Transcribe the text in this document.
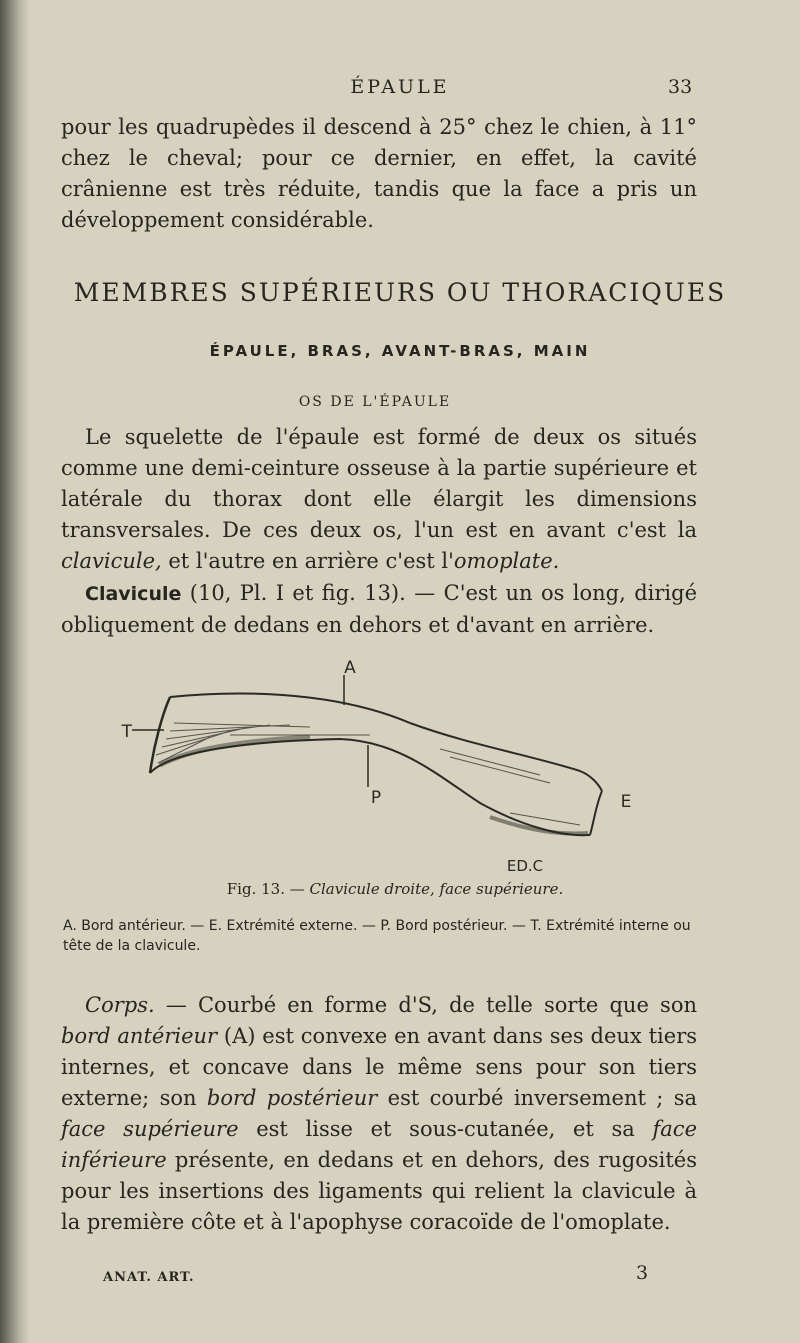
ÉPAULE	33

pour les quadrupèdes il descend à 25° chez le chien, à 11° chez le cheval; pour ce dernier, en effet, la cavité crânienne est très réduite, tandis que la face a pris un développement considérable.

MEMBRES SUPÉRIEURS OU THORACIQUES
ÉPAULE, BRAS, AVANT-BRAS, MAIN
OS DE L'ÉPAULE

Le squelette de l'épaule est formé de deux os situés comme une demi-ceinture osseuse à la partie supérieure et latérale du thorax dont elle élargit les dimensions transversales. De ces deux os, l'un est en avant c'est la clavicule, et l'autre en arrière c'est l'omoplate.

Clavicule (10, Pl. I et fig. 13). — C'est un os long, dirigé obliquement de dedans en dehors et d'avant en arrière.

A
T
P	E
ED.C
Fig. 13. — Clavicule droite, face supérieure.
A. Bord antérieur. — E. Extrémité externe. — P. Bord postérieur. — T. Extrémité interne ou tête de la clavicule.

Corps. — Courbé en forme d'S, de telle sorte que son bord antérieur (A) est convexe en avant dans ses deux tiers internes, et concave dans le même sens pour son tiers externe; son bord postérieur est courbé inversement ; sa face supérieure est lisse et sous-cutanée, et sa face inférieure présente, en dedans et en dehors, des rugosités pour les insertions des ligaments qui relient la clavicule à la première côte et à l'apophyse coracoïde de l'omoplate.

ANAT. ART.	3
